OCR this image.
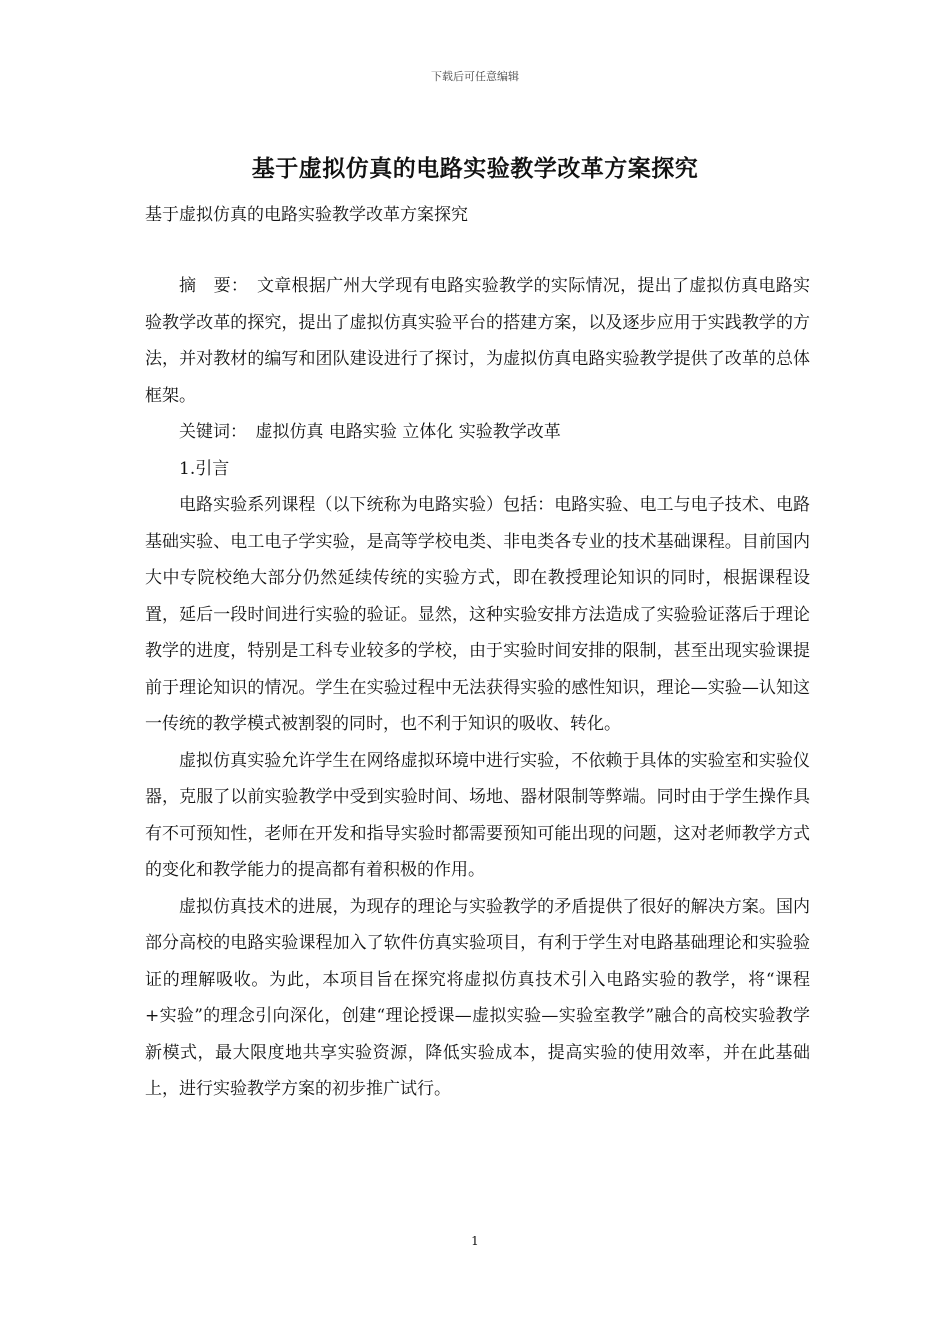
下载后可任意编辑
基于虚拟仿真的电路实验教学改革方案探究

基于虚拟仿真的电路实验教学改革方案探究

摘　要：　文章根据广州大学现有电路实验教学的实际情况，提出了虚拟仿真电路实验教学改革的探究，提出了虚拟仿真实验平台的搭建方案，以及逐步应用于实践教学的方法，并对教材的编写和团队建设进行了探讨，为虚拟仿真电路实验教学提供了改革的总体框架。

关键词：　虚拟仿真 电路实验 立体化 实验教学改革

1.引言

电路实验系列课程（以下统称为电路实验）包括：电路实验、电工与电子技术、电路基础实验、电工电子学实验，是高等学校电类、非电类各专业的技术基础课程。目前国内大中专院校绝大部分仍然延续传统的实验方式，即在教授理论知识的同时，根据课程设置，延后一段时间进行实验的验证。显然，这种实验安排方法造成了实验验证落后于理论教学的进度，特别是工科专业较多的学校，由于实验时间安排的限制，甚至出现实验课提前于理论知识的情况。学生在实验过程中无法获得实验的感性知识，理论—实验—认知这一传统的教学模式被割裂的同时，也不利于知识的吸收、转化。

虚拟仿真实验允许学生在网络虚拟环境中进行实验，不依赖于具体的实验室和实验仪器，克服了以前实验教学中受到实验时间、场地、器材限制等弊端。同时由于学生操作具有不可预知性，老师在开发和指导实验时都需要预知可能出现的问题，这对老师教学方式的变化和教学能力的提高都有着积极的作用。

虚拟仿真技术的进展，为现存的理论与实验教学的矛盾提供了很好的解决方案。国内部分高校的电路实验课程加入了软件仿真实验项目，有利于学生对电路基础理论和实验验证的理解吸收。为此，本项目旨在探究将虚拟仿真技术引入电路实验的教学，将“课程+实验”的理念引向深化，创建“理论授课—虚拟实验—实验室教学”融合的高校实验教学新模式，最大限度地共享实验资源，降低实验成本，提高实验的使用效率，并在此基础上，进行实验教学方案的初步推广试行。

1
